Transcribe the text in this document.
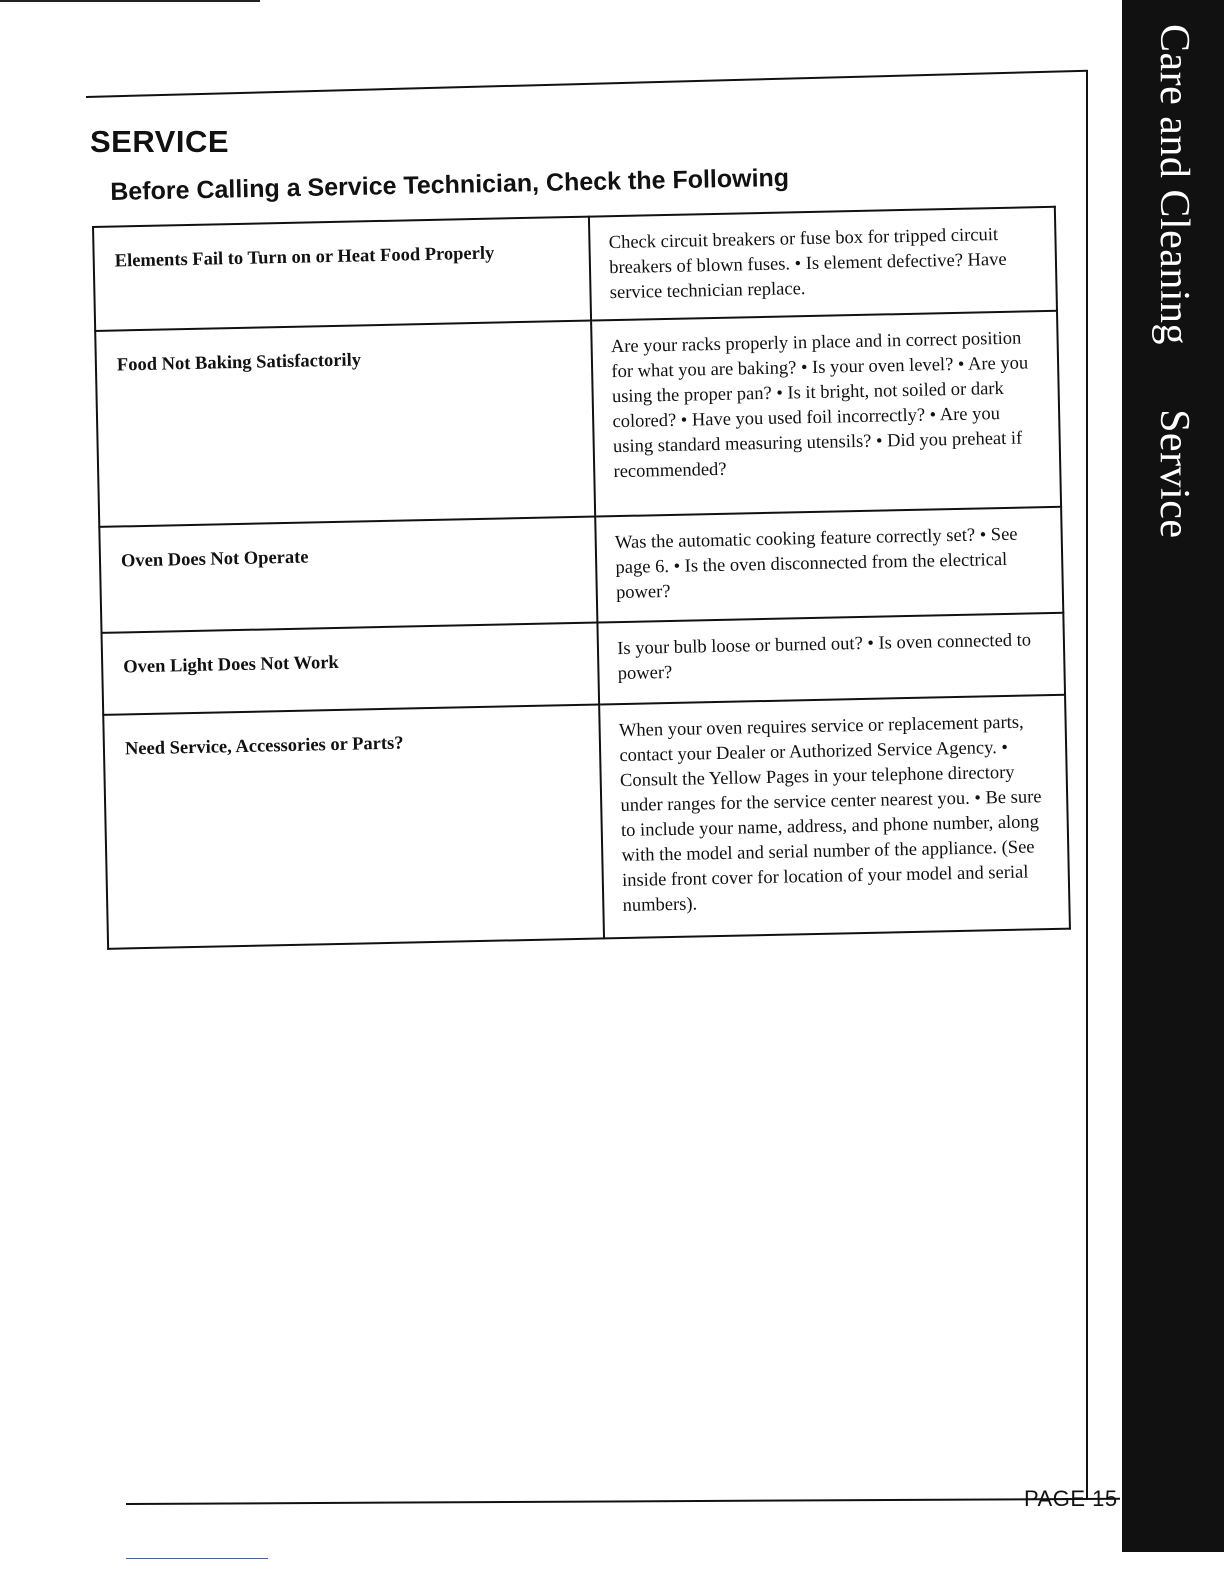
Care and CleaningService
SERVICE
Before Calling a Service Technician, Check the Following
Elements Fail to Turn on or Heat Food Properly	Check circuit breakers or fuse box for tripped circuit breakers of blown fuses. • Is element defective? Have service technician replace.
Food Not Baking Satisfactorily	Are your racks properly in place and in correct position for what you are baking? • Is your oven level? • Are you using the proper pan? • Is it bright, not soiled or dark colored? • Have you used foil incorrectly? • Are you using standard measuring utensils? • Did you preheat if recommended?
Oven Does Not Operate	Was the automatic cooking feature correctly set? • See page 6. • Is the oven disconnected from the electrical power?
Oven Light Does Not Work	Is your bulb loose or burned out? • Is oven connected to power?
Need Service, Accessories or Parts?	When your oven requires service or replacement parts, contact your Dealer or Authorized Service Agency. • Consult the Yellow Pages in your telephone directory under ranges for the service center nearest you. • Be sure to include your name, address, and phone number, along with the model and serial number of the appliance. (See inside front cover for location of your model and serial numbers).
PAGE 15
